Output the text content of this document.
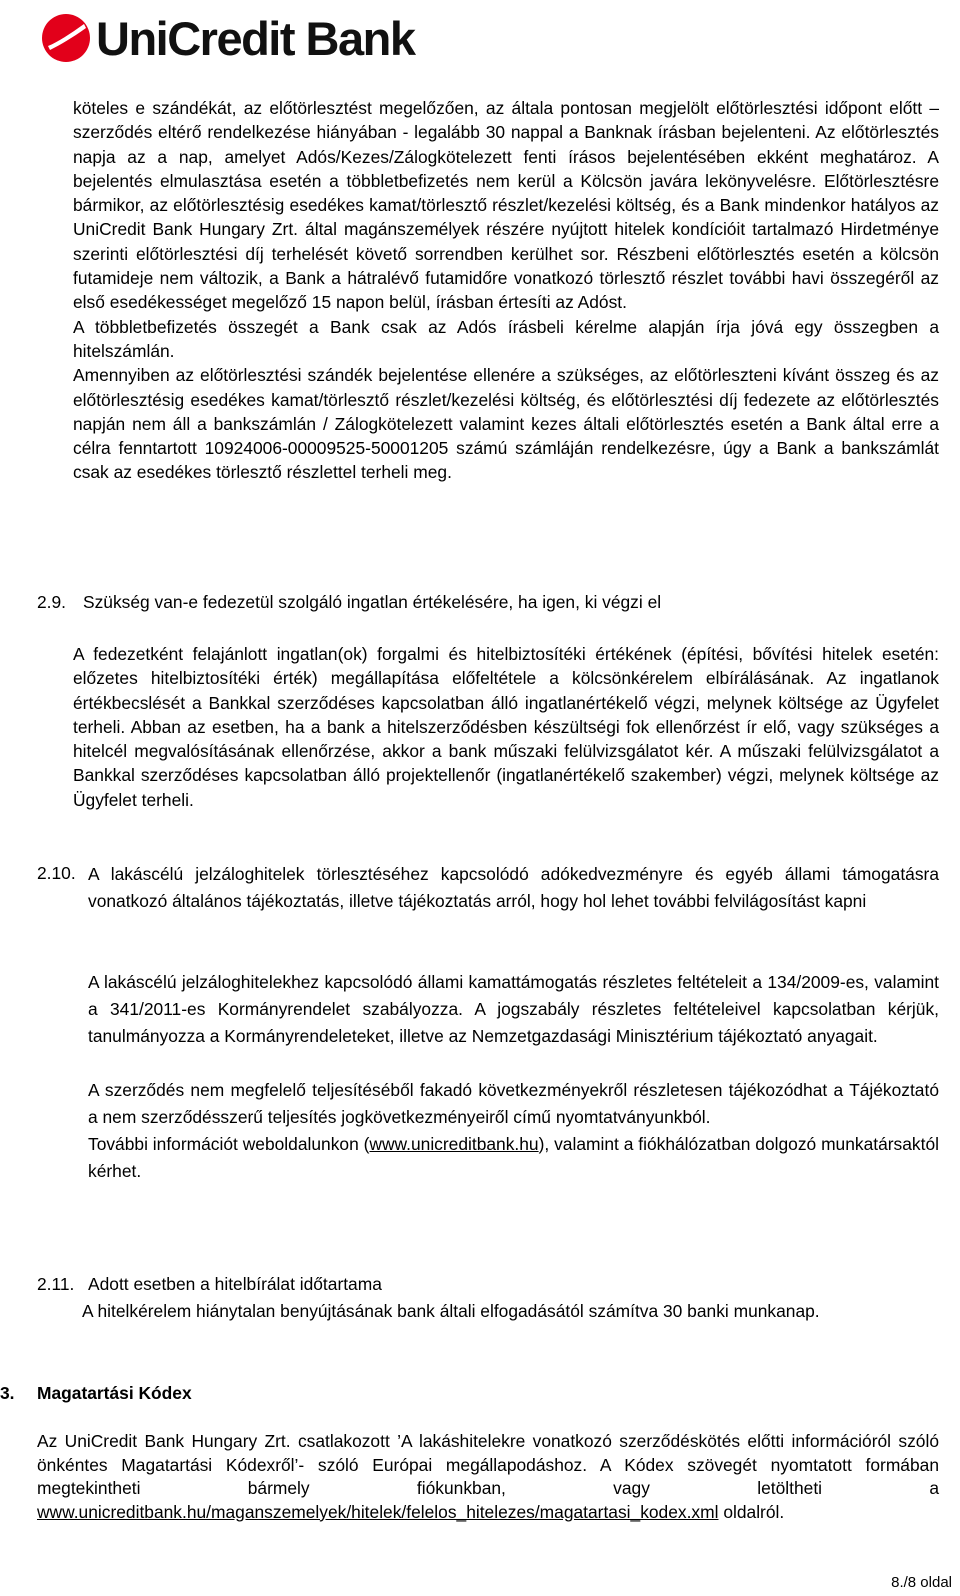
UniCredit Bank

köteles e szándékát, az előtörlesztést megelőzően, az általa pontosan megjelölt előtörlesztési időpont előtt – szerződés eltérő rendelkezése hiányában - legalább 30 nappal a Banknak írásban bejelenteni. Az előtörlesztés napja az a nap, amelyet Adós/Kezes/Zálogkötelezett fenti írásos bejelentésében ekként meghatároz. A bejelentés elmulasztása esetén a többletbefizetés nem kerül a Kölcsön javára lekönyvelésre. Előtörlesztésre bármikor, az előtörlesztésig esedékes kamat/törlesztő részlet/kezelési költség, és a Bank mindenkor hatályos az UniCredit Bank Hungary Zrt. által magánszemélyek részére nyújtott hitelek kondícióit tartalmazó Hirdetménye szerinti előtörlesztési díj terhelését követő sorrendben kerülhet sor. Részbeni előtörlesztés esetén a kölcsön futamideje nem változik, a Bank a hátralévő futamidőre vonatkozó törlesztő részlet további havi összegéről az első esedékességet megelőző 15 napon belül, írásban értesíti az Adóst.

A többletbefizetés összegét a Bank csak az Adós írásbeli kérelme alapján írja jóvá egy összegben a hitelszámlán.

Amennyiben az előtörlesztési szándék bejelentése ellenére a szükséges, az előtörleszteni kívánt összeg és az előtörlesztésig esedékes kamat/törlesztő részlet/kezelési költség, és előtörlesztési díj fedezete az előtörlesztés napján nem áll a bankszámlán / Zálogkötelezett valamint kezes általi előtörlesztés esetén a Bank által erre a célra fenntartott 10924006-00009525-50001205 számú számláján rendelkezésre, úgy a Bank a bankszámlát csak az esedékes törlesztő részlettel terheli meg.

2.9. Szükség van-e fedezetül szolgáló ingatlan értékelésére, ha igen, ki végzi el

A fedezetként felajánlott ingatlan(ok) forgalmi és hitelbiztosítéki értékének (építési, bővítési hitelek esetén: előzetes hitelbiztosítéki érték) megállapítása előfeltétele a kölcsönkérelem elbírálásának. Az ingatlanok értékbecslését a Bankkal szerződéses kapcsolatban álló ingatlanértékelő végzi, melynek költsége az Ügyfelet terheli. Abban az esetben, ha a bank a hitelszerződésben készültségi fok ellenőrzést ír elő, vagy szükséges a hitelcél megvalósításának ellenőrzése, akkor a bank műszaki felülvizsgálatot kér. A műszaki felülvizsgálatot a Bankkal szerződéses kapcsolatban álló projektellenőr (ingatlanértékelő szakember) végzi, melynek költsége az Ügyfelet terheli.

2.10. A lakáscélú jelzáloghitelek törlesztéséhez kapcsolódó adókedvezményre és egyéb állami támogatásra vonatkozó általános tájékoztatás, illetve tájékoztatás arról, hogy hol lehet további felvilágosítást kapni

A lakáscélú jelzáloghitelekhez kapcsolódó állami kamattámogatás részletes feltételeit a 134/2009-es, valamint a 341/2011-es Kormányrendelet szabályozza. A jogszabály részletes feltételeivel kapcsolatban kérjük, tanulmányozza a Kormányrendeleteket, illetve az Nemzetgazdasági Minisztérium tájékoztató anyagait.

A szerződés nem megfelelő teljesítéséből fakadó következményekről részletesen tájékozódhat a Tájékoztató a nem szerződésszerű teljesítés jogkövetkezményeiről című nyomtatványunkból.

További információt weboldalunkon (www.unicreditbank.hu), valamint a fiókhálózatban dolgozó munkatársaktól kérhet.

2.11. Adott esetben a hitelbírálat időtartama

A hitelkérelem hiánytalan benyújtásának bank általi elfogadásától számítva 30 banki munkanap.

3. Magatartási Kódex

Az UniCredit Bank Hungary Zrt. csatlakozott ’A lakáshitelekre vonatkozó szerződéskötés előtti információról szóló önkéntes Magatartási Kódexről’- szóló Európai megállapodáshoz. A Kódex szövegét nyomtatott formában megtekintheti bármely fiókunkban, vagy letöltheti a www.unicreditbank.hu/maganszemelyek/hitelek/felelos_hitelezes/magatartasi_kodex.xml oldalról.

8./8 oldal
